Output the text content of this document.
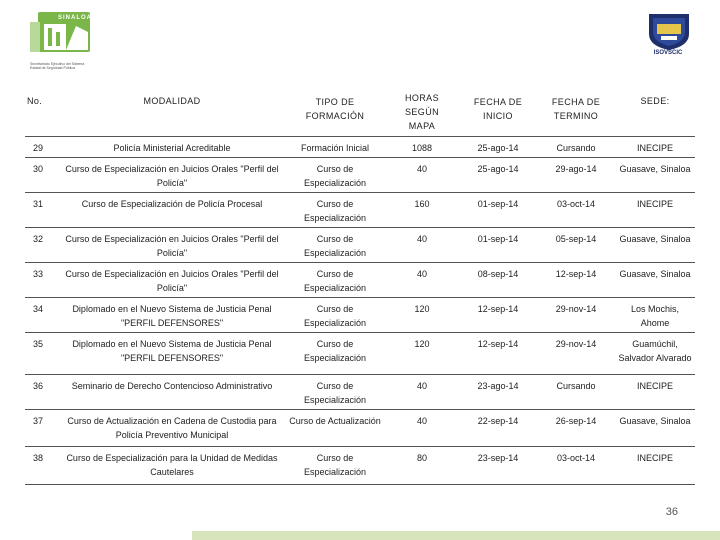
SINALOA
Secretariado Ejecutivo del Sistema
Estatal de Seguridad Pública
ISOVSCIC
No.	MODALIDAD	TIPO DE FORMACIÓN	HORAS SEGÚN MAPA	FECHA DE INICIO	FECHA DE TERMINO	SEDE:
29	Policía Ministerial Acreditable	Formación Inicial	1088	25-ago-14	Cursando	INECIPE
30	Curso de Especialización en Juicios Orales "Perfil del Policía"	Curso de Especialización	40	25-ago-14	29-ago-14	Guasave, Sinaloa
31	Curso de Especialización de Policía Procesal	Curso de Especialización	160	01-sep-14	03-oct-14	INECIPE
32	Curso de Especialización en Juicios Orales "Perfil del Policía"	Curso de Especialización	40	01-sep-14	05-sep-14	Guasave, Sinaloa
33	Curso de Especialización en Juicios Orales "Perfil del Policía"	Curso de Especialización	40	08-sep-14	12-sep-14	Guasave, Sinaloa
34	Diplomado en el Nuevo Sistema de Justicia Penal "PERFIL DEFENSORES"	Curso de Especialización	120	12-sep-14	29-nov-14	Los Mochis, Ahome
35	Diplomado en el Nuevo Sistema de Justicia Penal "PERFIL DEFENSORES"	Curso de Especialización	120	12-sep-14	29-nov-14	Guamúchil, Salvador Alvarado
36	Seminario de Derecho Contencioso Administrativo	Curso de Especialización	40	23-ago-14	Cursando	INECIPE
37	Curso de Actualización en Cadena de Custodia para Policía Preventivo Municipal	Curso de Actualización	40	22-sep-14	26-sep-14	Guasave, Sinaloa
38	Curso de Especialización para la Unidad de Medidas Cautelares	Curso de Especialización	80	23-sep-14	03-oct-14	INECIPE
36
